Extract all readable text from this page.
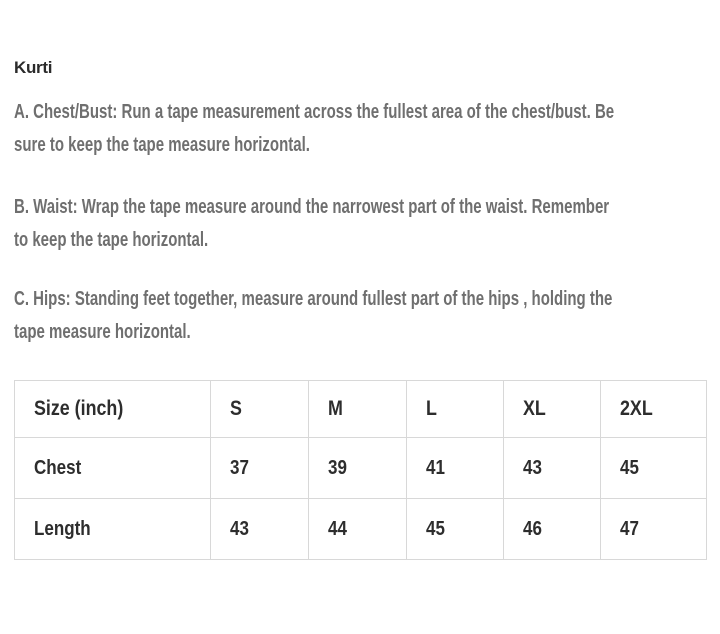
Kurti

A. Chest/Bust: Run a tape measurement across the fullest area of the chest/bust. Be
sure to keep the tape measure horizontal.

B. Waist: Wrap the tape measure around the narrowest part of the waist. Remember
to keep the tape horizontal.

C. Hips: Standing feet together, measure around fullest part of the hips , holding the
tape measure horizontal.

Size (inch)	S	M	L	XL	2XL
Chest	37	39	41	43	45
Length	43	44	45	46	47
